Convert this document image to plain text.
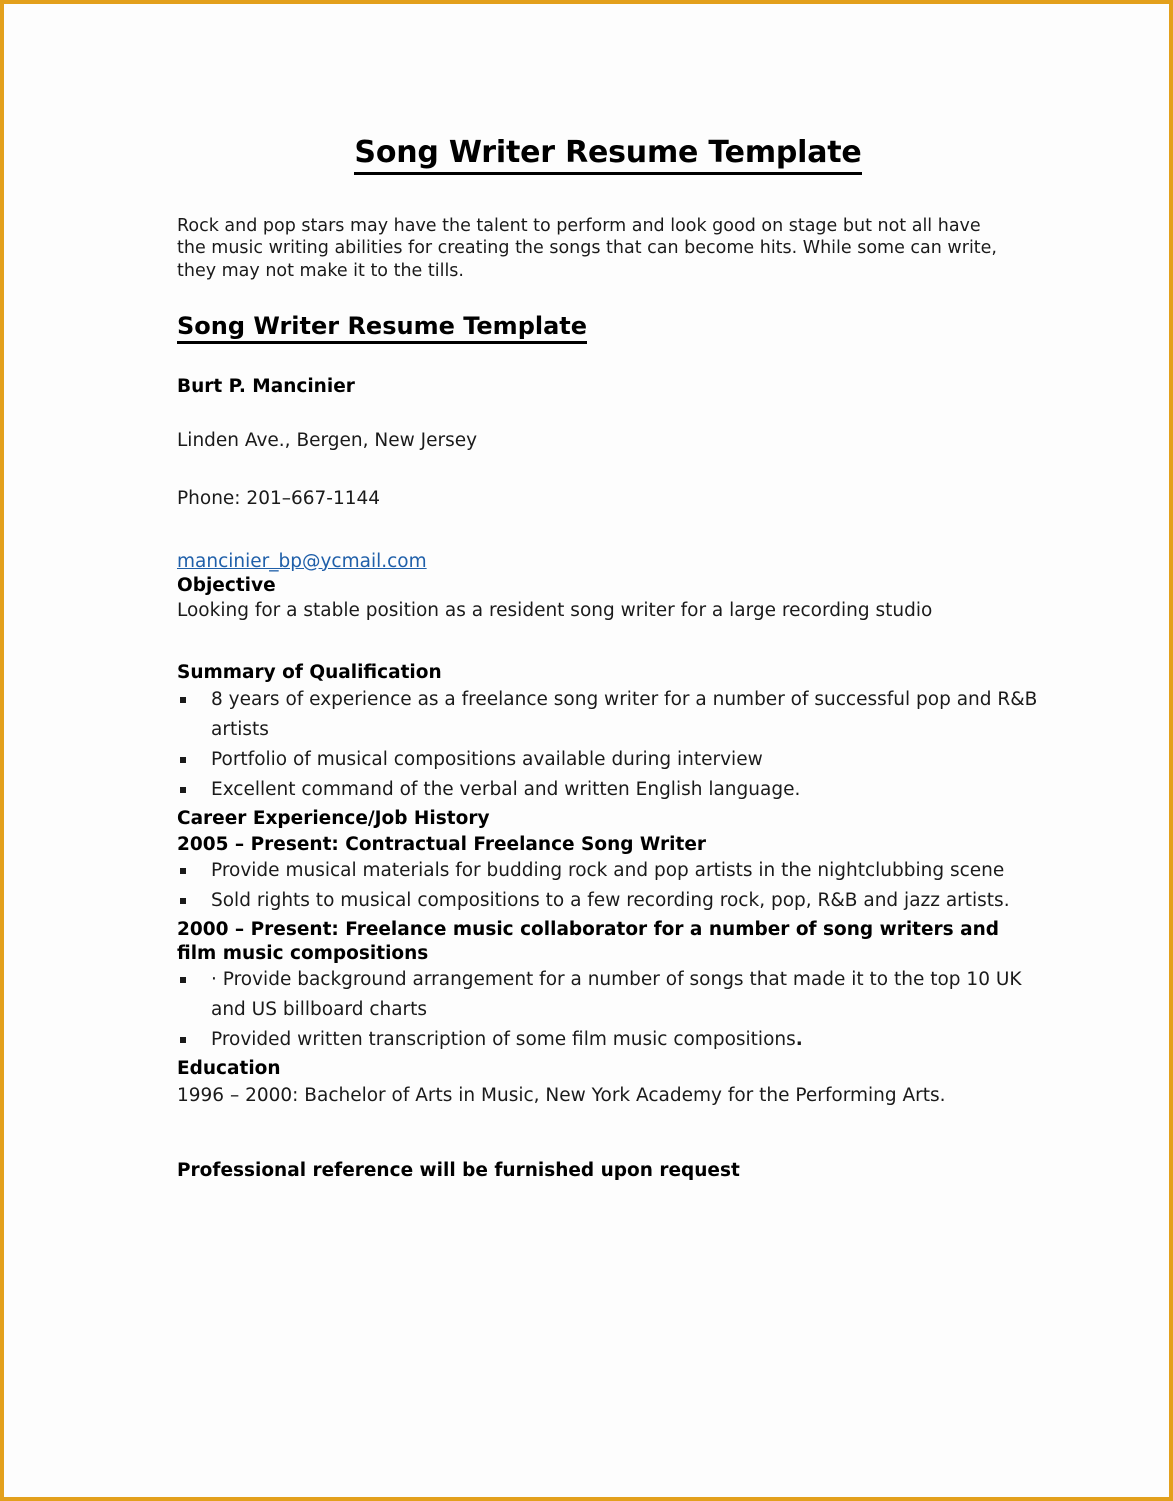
Song Writer Resume Template

Rock and pop stars may have the talent to perform and look good on stage but not all have the music writing abilities for creating the songs that can become hits. While some can write, they may not make it to the tills.

Song Writer Resume Template
Burt P. Mancinier
Linden Ave., Bergen, New Jersey
Phone: 201–667-1144
mancinier_bp@ycmail.com
Objective
Looking for a stable position as a resident song writer for a large recording studio
Summary of Qualification
8 years of experience as a freelance song writer for a number of successful pop and R&B artists
Portfolio of musical compositions available during interview
Excellent command of the verbal and written English language.
Career Experience/Job History
2005 – Present: Contractual Freelance Song Writer
Provide musical materials for budding rock and pop artists in the nightclubbing scene
Sold rights to musical compositions to a few recording rock, pop, R&B and jazz artists.
2000 – Present: Freelance music collaborator for a number of song writers and film music compositions
· Provide background arrangement for a number of songs that made it to the top 10 UK and US billboard charts
Provided written transcription of some film music compositions.
Education
1996 – 2000: Bachelor of Arts in Music, New York Academy for the Performing Arts.
Professional reference will be furnished upon request
